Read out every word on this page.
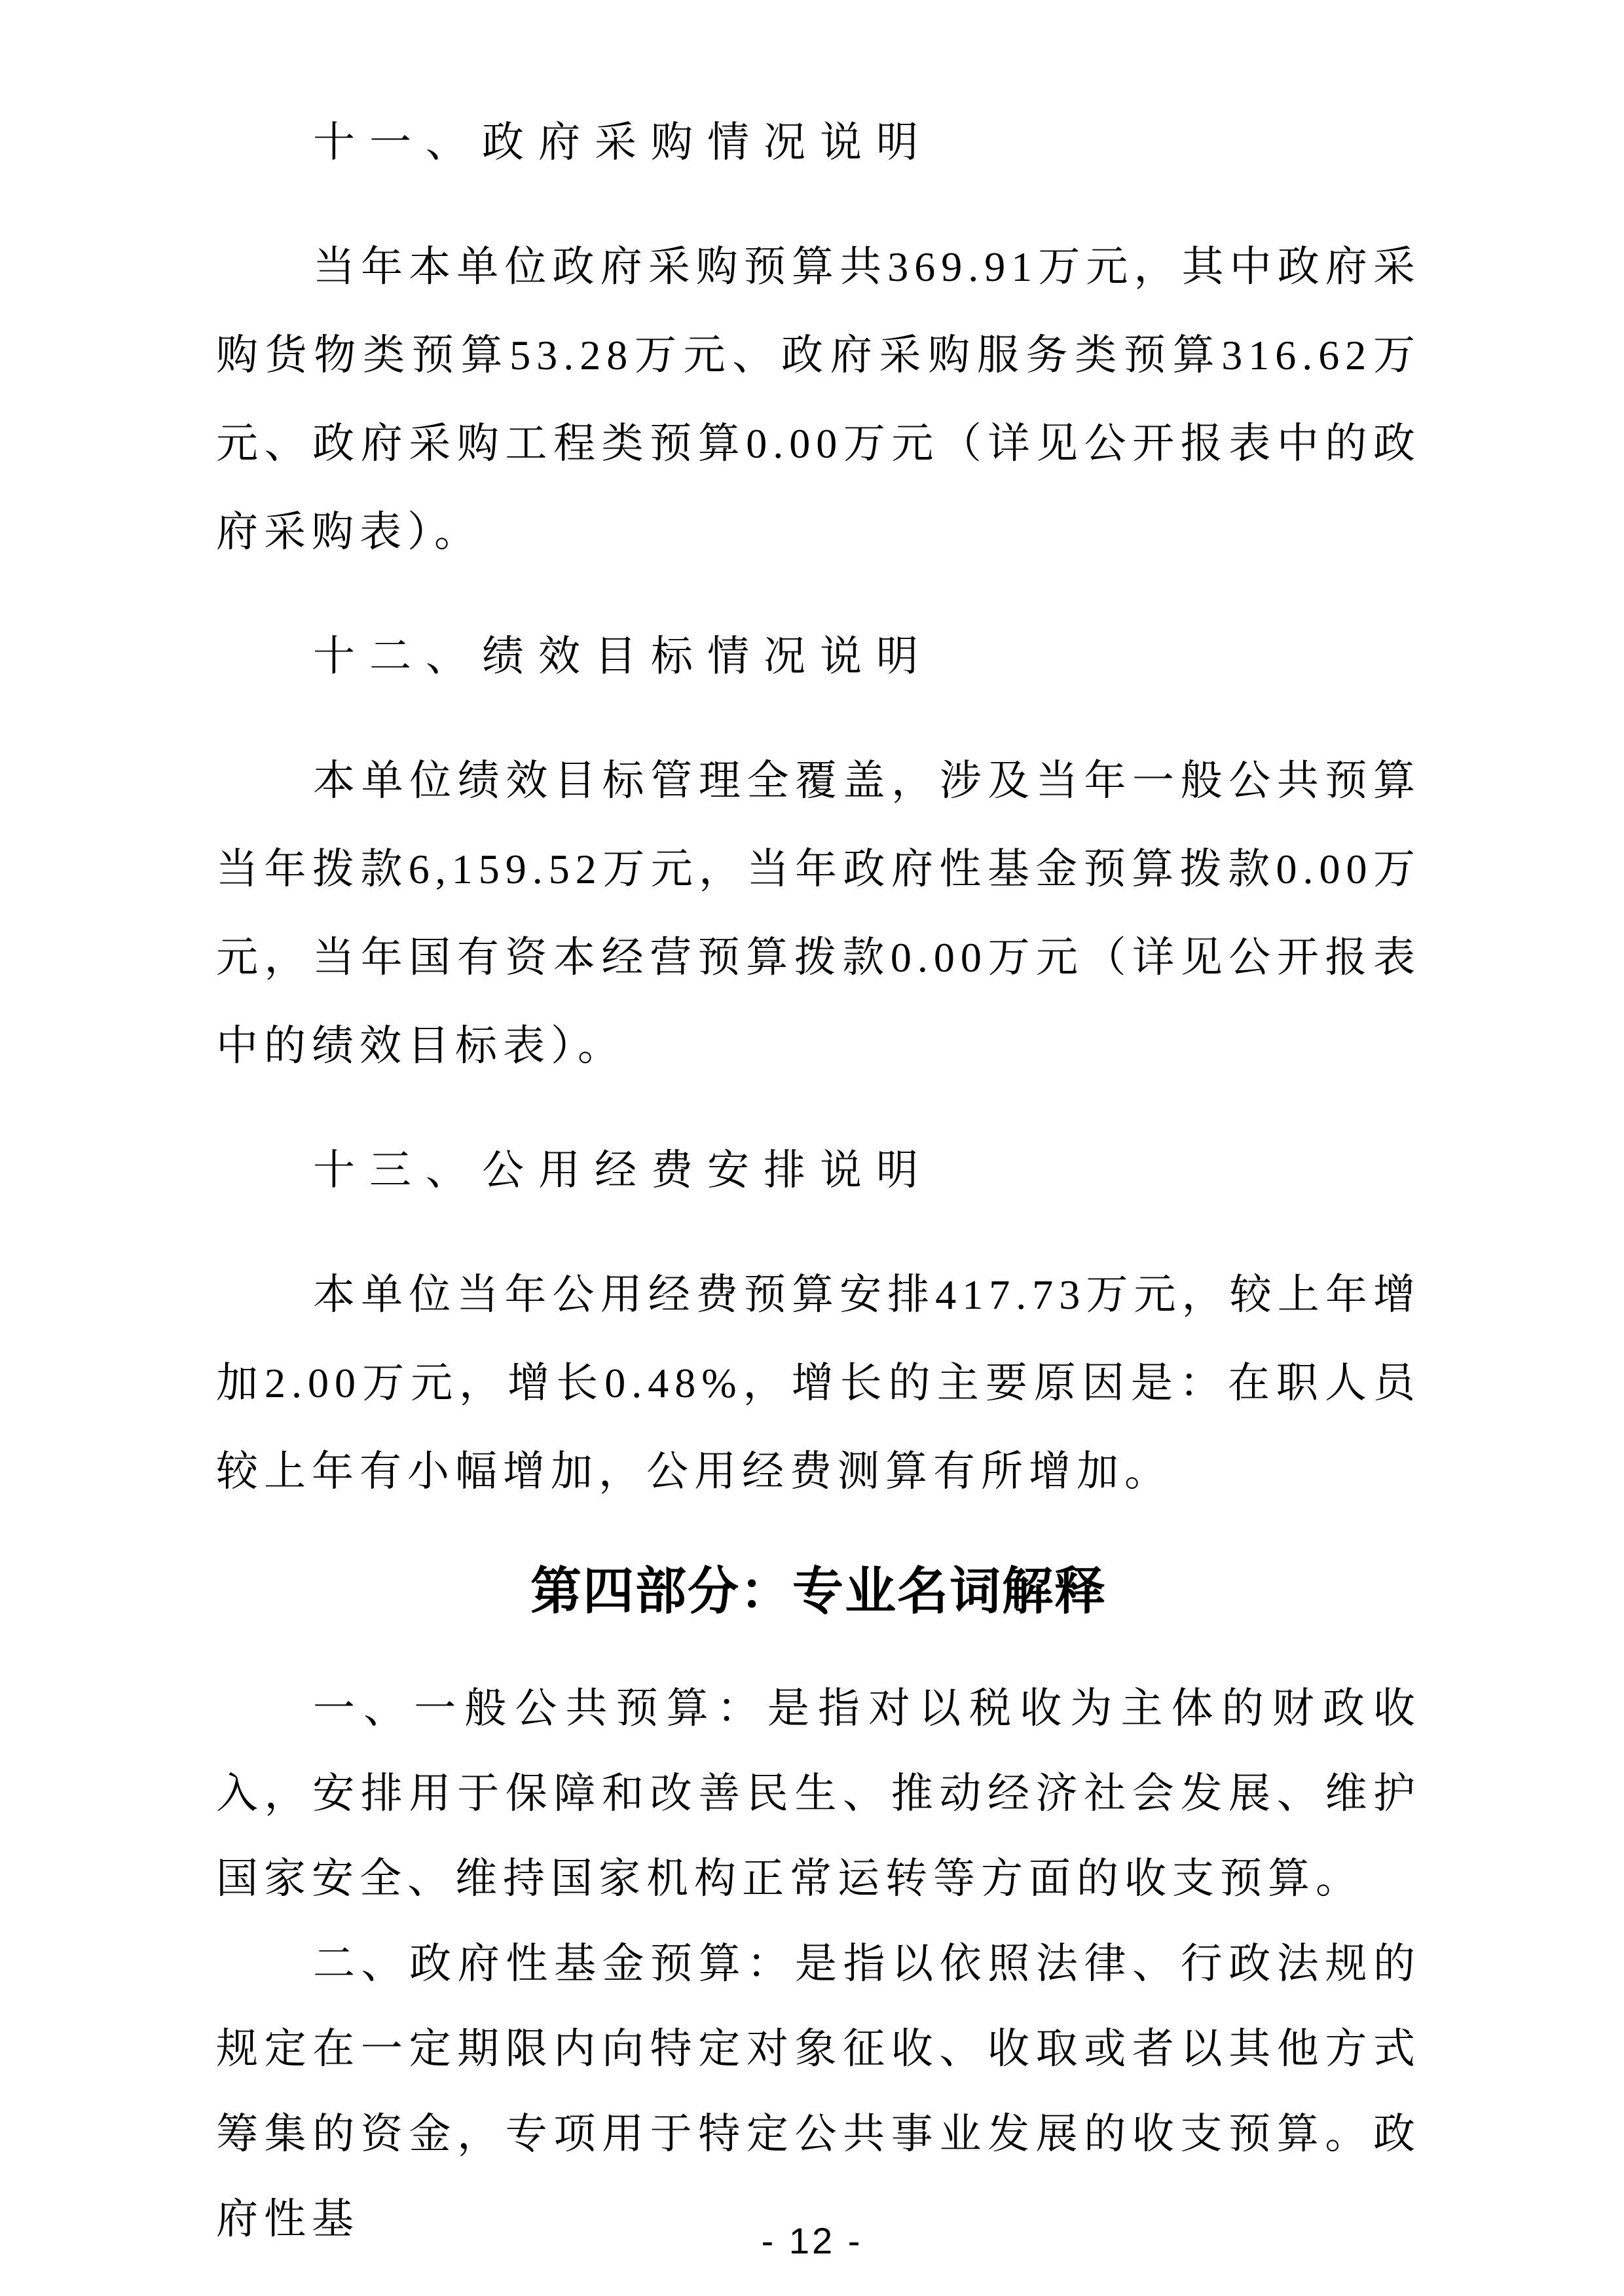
十一、政府采购情况说明

当年本单位政府采购预算共369.91万元，其中政府采购货物类预算53.28万元、政府采购服务类预算316.62万元、政府采购工程类预算0.00万元（详见公开报表中的政府采购表）。

十二、绩效目标情况说明

本单位绩效目标管理全覆盖，涉及当年一般公共预算当年拨款6,159.52万元，当年政府性基金预算拨款0.00万元，当年国有资本经营预算拨款0.00万元（详见公开报表中的绩效目标表）。

十三、公用经费安排说明

本单位当年公用经费预算安排417.73万元，较上年增加2.00万元，增长0.48%，增长的主要原因是：在职人员较上年有小幅增加，公用经费测算有所增加。

第四部分：专业名词解释

一、一般公共预算：是指对以税收为主体的财政收入，安排用于保障和改善民生、推动经济社会发展、维护国家安全、维持国家机构正常运转等方面的收支预算。

二、政府性基金预算：是指以依照法律、行政法规的规定在一定期限内向特定对象征收、收取或者以其他方式筹集的资金，专项用于特定公共事业发展的收支预算。政府性基	- 12 -
